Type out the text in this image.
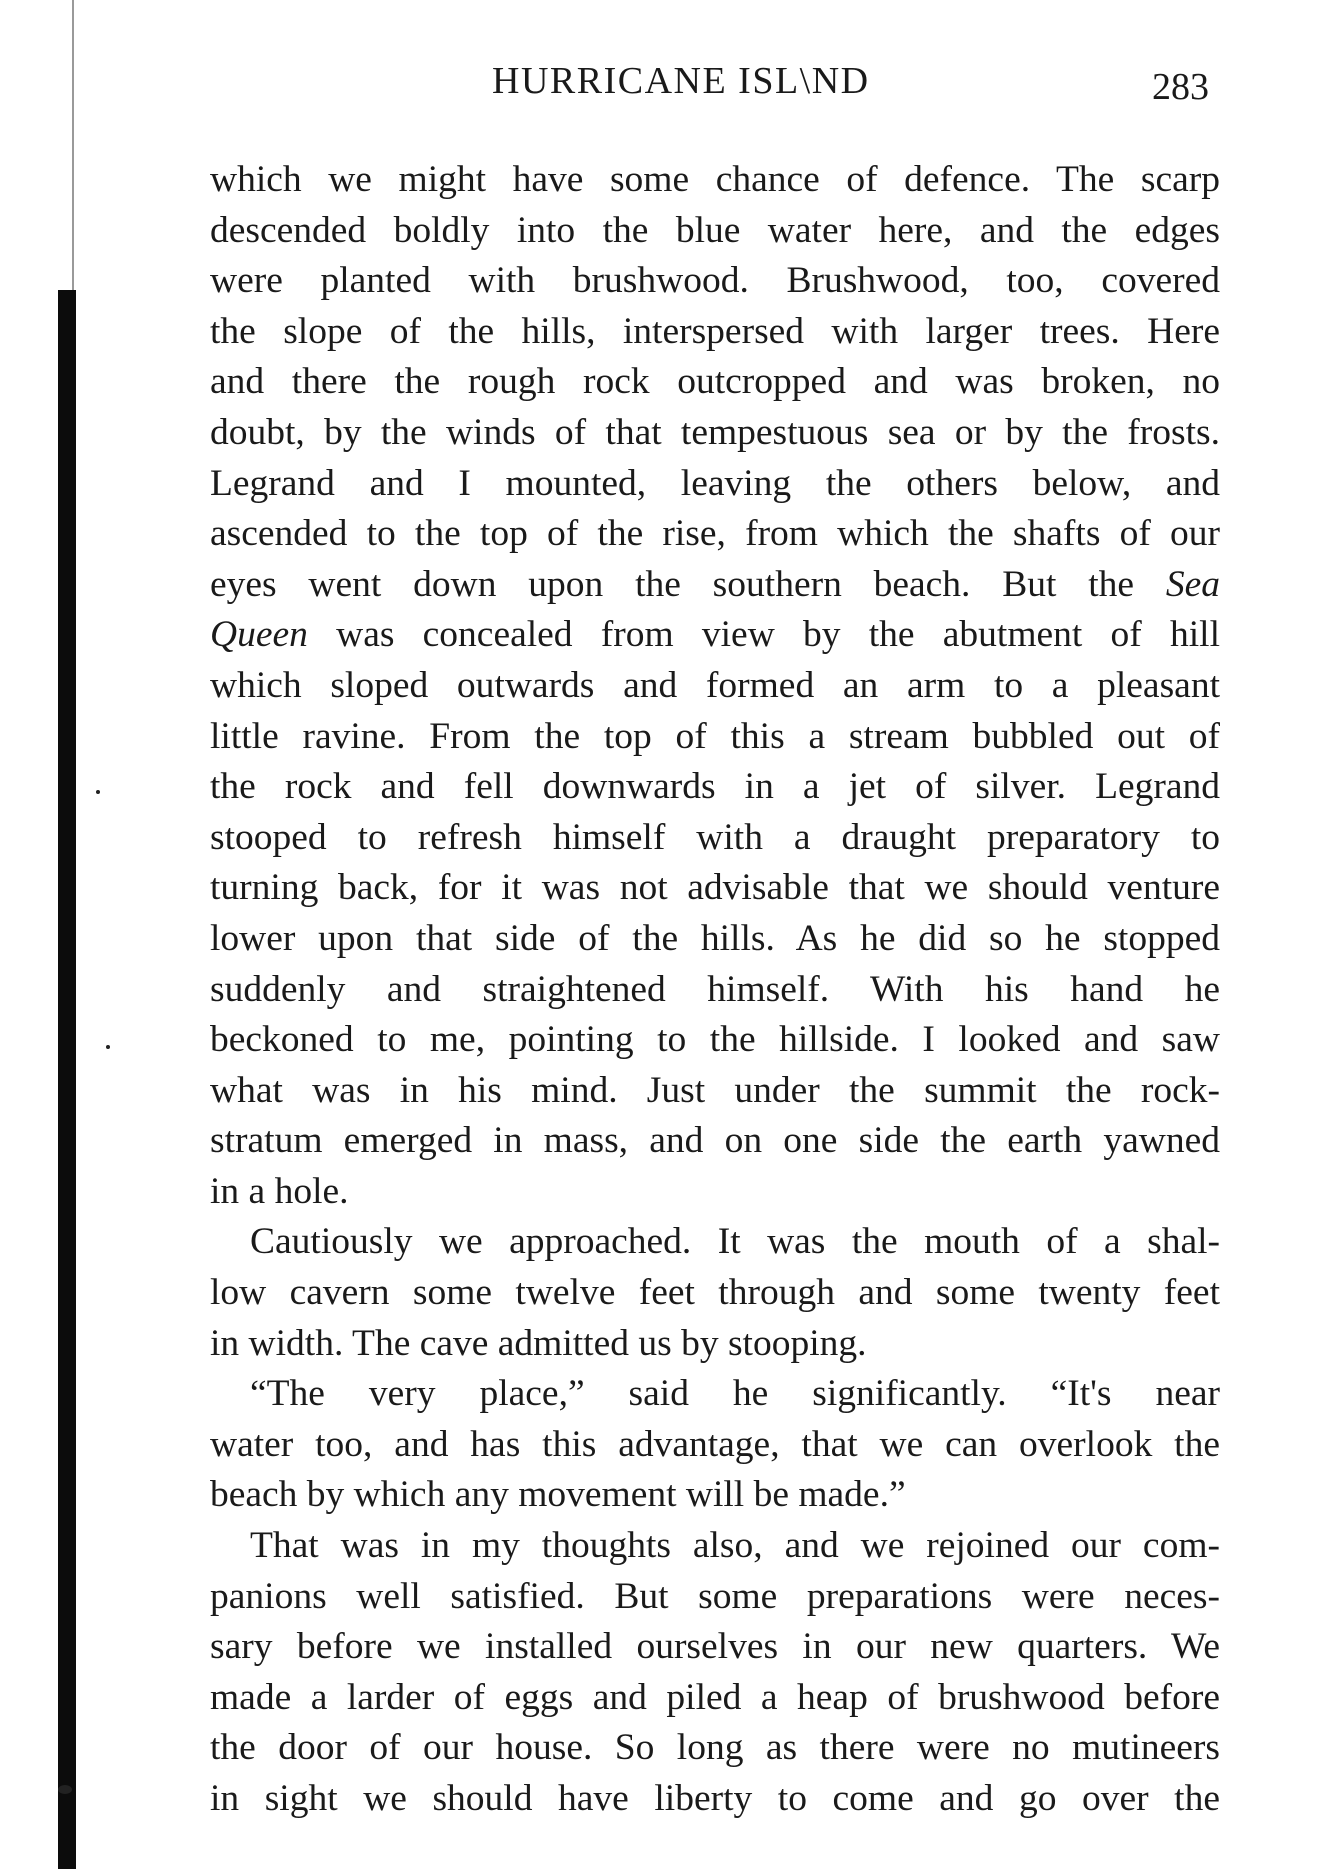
HURRICANE ISL\ND	283
which we might have some chance of defence. The scarp
descended boldly into the blue water here, and the edges
were planted with brushwood. Brushwood, too, covered
the slope of the hills, interspersed with larger trees. Here
and there the rough rock outcropped and was broken, no
doubt, by the winds of that tempestuous sea or by the frosts.
Legrand and I mounted, leaving the others below, and
ascended to the top of the rise, from which the shafts of our
eyes went down upon the southern beach. But the Sea
Queen was concealed from view by the abutment of hill
which sloped outwards and formed an arm to a pleasant
little ravine. From the top of this a stream bubbled out of
the rock and fell downwards in a jet of silver. Legrand
stooped to refresh himself with a draught preparatory to
turning back, for it was not advisable that we should venture
lower upon that side of the hills. As he did so he stopped
suddenly and straightened himself. With his hand he
beckoned to me, pointing to the hillside. I looked and saw
what was in his mind. Just under the summit the rock-
stratum emerged in mass, and on one side the earth yawned
in a hole.
Cautiously we approached. It was the mouth of a shal-
low cavern some twelve feet through and some twenty feet
in width. The cave admitted us by stooping.
“The very place,” said he significantly. “It's near
water too, and has this advantage, that we can overlook the
beach by which any movement will be made.”
That was in my thoughts also, and we rejoined our com-
panions well satisfied. But some preparations were neces-
sary before we installed ourselves in our new quarters. We
made a larder of eggs and piled a heap of brushwood before
the door of our house. So long as there were no mutineers
in sight we should have liberty to come and go over the
